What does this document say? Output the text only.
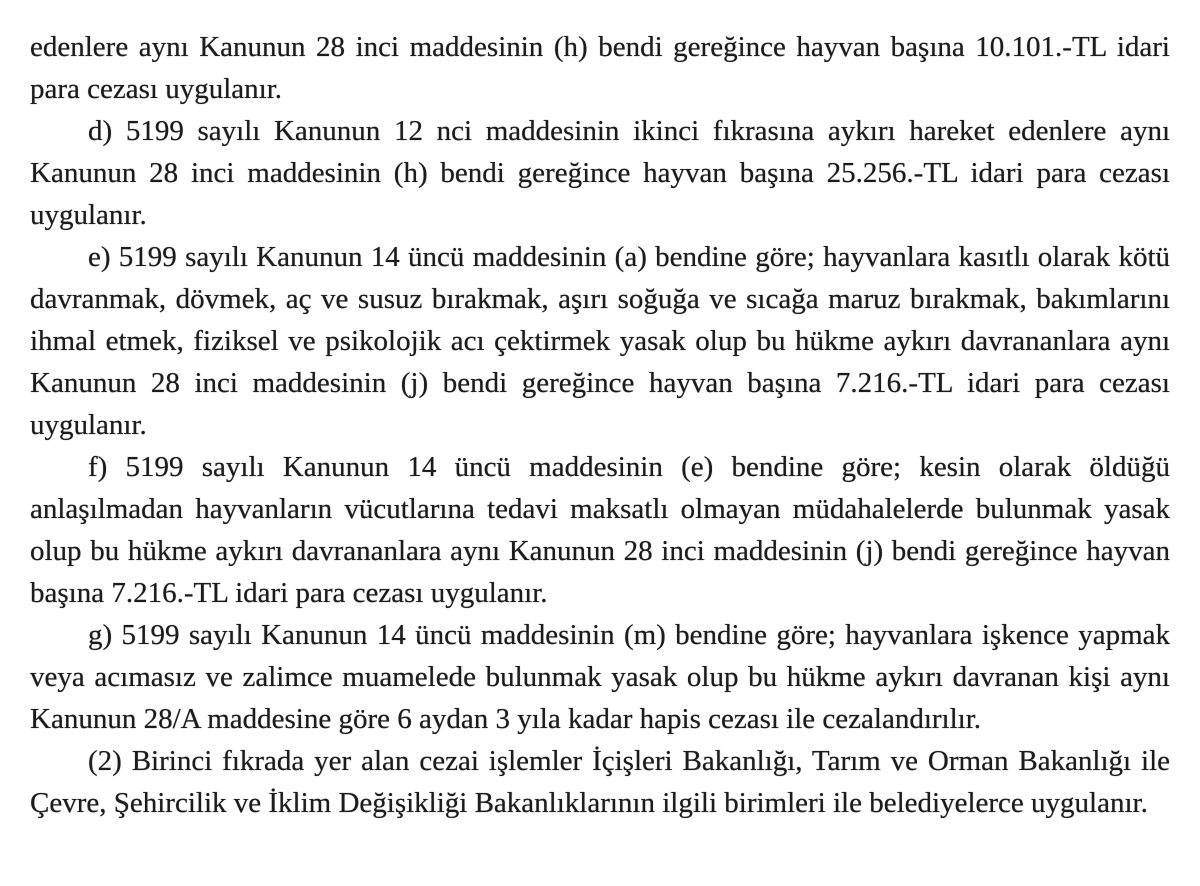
edenlere aynı Kanunun 28 inci maddesinin (h) bendi gereğince hayvan başına 10.101.-TL idari para cezası uygulanır.

d) 5199 sayılı Kanunun 12 nci maddesinin ikinci fıkrasına aykırı hareket edenlere aynı Kanunun 28 inci maddesinin (h) bendi gereğince hayvan başına 25.256.-TL idari para cezası uygulanır.

e) 5199 sayılı Kanunun 14 üncü maddesinin (a) bendine göre; hayvanlara kasıtlı olarak kötü davranmak, dövmek, aç ve susuz bırakmak, aşırı soğuğa ve sıcağa maruz bırakmak, bakımlarını ihmal etmek, fiziksel ve psikolojik acı çektirmek yasak olup bu hükme aykırı davrananlara aynı Kanunun 28 inci maddesinin (j) bendi gereğince hayvan başına 7.216.-TL idari para cezası uygulanır.

f) 5199 sayılı Kanunun 14 üncü maddesinin (e) bendine göre; kesin olarak öldüğü anlaşılmadan hayvanların vücutlarına tedavi maksatlı olmayan müdahalelerde bulunmak yasak olup bu hükme aykırı davrananlara aynı Kanunun 28 inci maddesinin (j) bendi gereğince hayvan başına 7.216.-TL idari para cezası uygulanır.

g) 5199 sayılı Kanunun 14 üncü maddesinin (m) bendine göre; hayvanlara işkence yapmak veya acımasız ve zalimce muamelede bulunmak yasak olup bu hükme aykırı davranan kişi aynı Kanunun 28/A maddesine göre 6 aydan 3 yıla kadar hapis cezası ile cezalandırılır.

(2) Birinci fıkrada yer alan cezai işlemler İçişleri Bakanlığı, Tarım ve Orman Bakanlığı ile Çevre, Şehircilik ve İklim Değişikliği Bakanlıklarının ilgili birimleri ile belediyelerce uygulanır.
